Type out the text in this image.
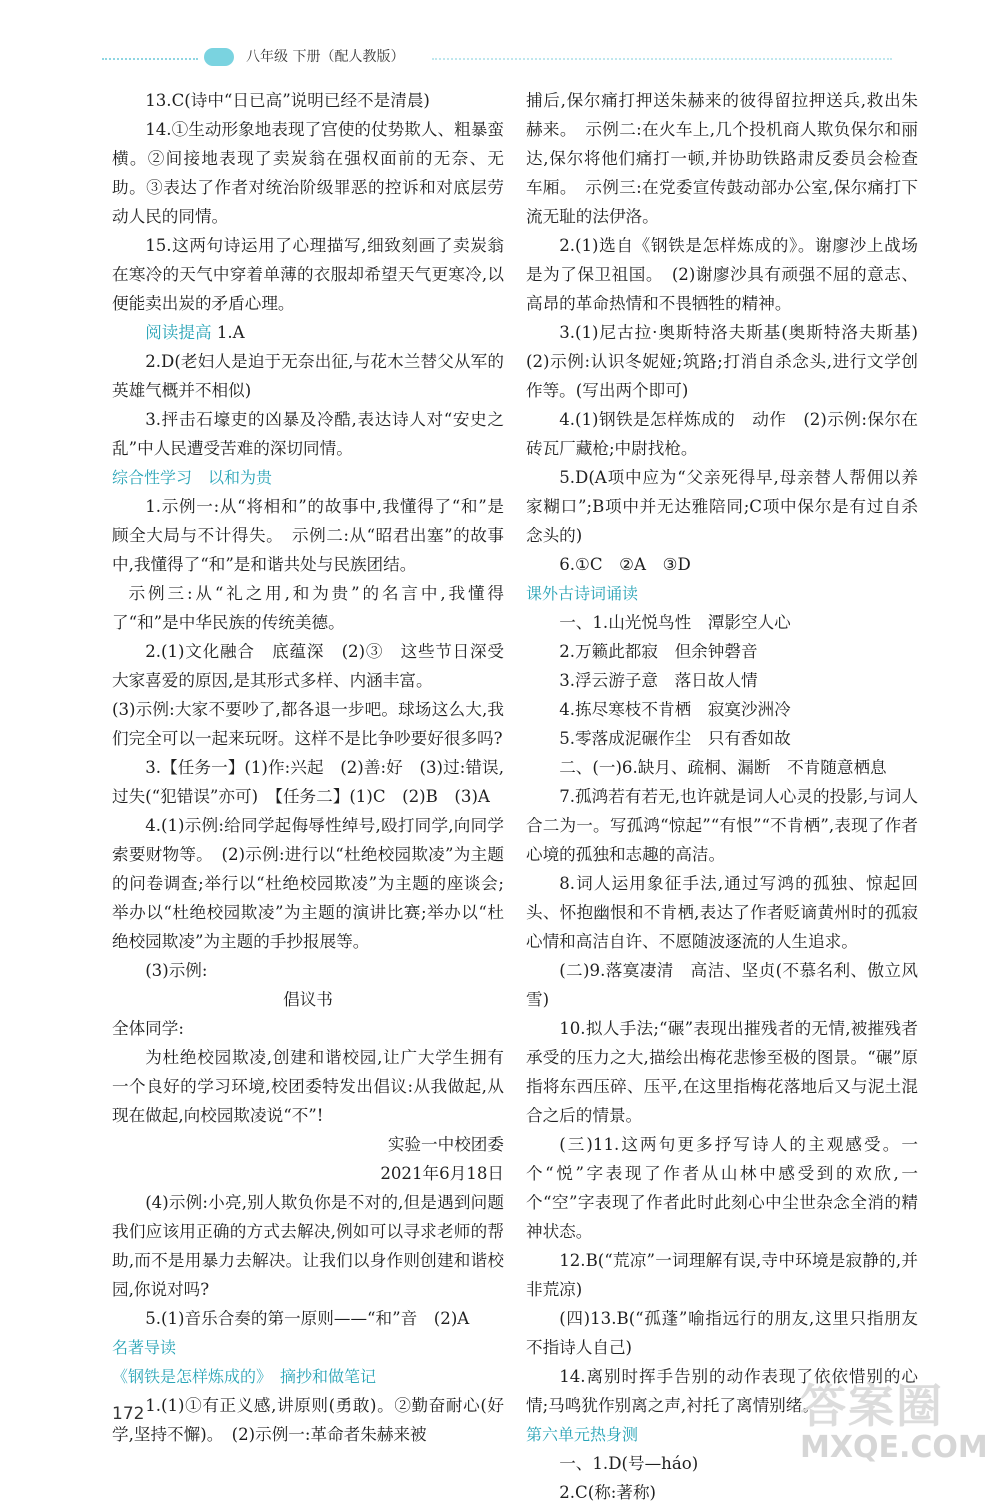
八年级 下册（配人教版）

13.C(诗中“日已高”说明已经不是清晨)

14.①生动形象地表现了宫使的仗势欺人、粗暴蛮横。②间接地表现了卖炭翁在强权面前的无奈、无助。③表达了作者对统治阶级罪恶的控诉和对底层劳动人民的同情。

15.这两句诗运用了心理描写,细致刻画了卖炭翁在寒冷的天气中穿着单薄的衣服却希望天气更寒冷,以便能卖出炭的矛盾心理。

阅读提高 1.A

2.D(老妇人是迫于无奈出征,与花木兰替父从军的英雄气概并不相似)

3.抨击石壕吏的凶暴及冷酷,表达诗人对“安史之乱”中人民遭受苦难的深切同情。

综合性学习　以和为贵

1.示例一:从“将相和”的故事中,我懂得了“和”是顾全大局与不计得失。　示例二:从“昭君出塞”的故事中,我懂得了“和”是和谐共处与民族团结。

示例三:从“礼之用,和为贵”的名言中,我懂得了“和”是中华民族的传统美德。

2.(1)文化融合　底蕴深　(2)③　这些节日深受大家喜爱的原因,是其形式多样、内涵丰富。

(3)示例:大家不要吵了,都各退一步吧。球场这么大,我们完全可以一起来玩呀。这样不是比争吵要好很多吗?

3.【任务一】(1)作:兴起　(2)善:好　(3)过:错误,过失(“犯错误”亦可)　【任务二】(1)C　(2)B　(3)A

4.(1)示例:给同学起侮辱性绰号,殴打同学,向同学索要财物等。　(2)示例:进行以“杜绝校园欺凌”为主题的问卷调查;举行以“杜绝校园欺凌”为主题的座谈会;举办以“杜绝校园欺凌”为主题的演讲比赛;举办以“杜绝校园欺凌”为主题的手抄报展等。

(3)示例:

倡议书

全体同学:

为杜绝校园欺凌,创建和谐校园,让广大学生拥有一个良好的学习环境,校团委特发出倡议:从我做起,从现在做起,向校园欺凌说“不”!

实验一中校团委

2021年6月18日

(4)示例:小亮,别人欺负你是不对的,但是遇到问题我们应该用正确的方式去解决,例如可以寻求老师的帮助,而不是用暴力去解决。让我们以身作则创建和谐校园,你说对吗?

5.(1)音乐合奏的第一原则——“和”音　(2)A

名著导读

《钢铁是怎样炼成的》　摘抄和做笔记

1.(1)①有正义感,讲原则(勇敢)。②勤奋耐心(好学,坚持不懈)。　(2)示例一:革命者朱赫来被

捕后,保尔痛打押送朱赫来的彼得留拉押送兵,救出朱赫来。　示例二:在火车上,几个投机商人欺负保尔和丽达,保尔将他们痛打一顿,并协助铁路肃反委员会检查车厢。　示例三:在党委宣传鼓动部办公室,保尔痛打下流无耻的法伊洛。

2.(1)选自《钢铁是怎样炼成的》。谢廖沙上战场是为了保卫祖国。　(2)谢廖沙具有顽强不屈的意志、高昂的革命热情和不畏牺牲的精神。

3.(1)尼古拉·奥斯特洛夫斯基(奥斯特洛夫斯基)　(2)示例:认识冬妮娅;筑路;打消自杀念头,进行文学创作等。(写出两个即可)

4.(1)钢铁是怎样炼成的　动作　(2)示例:保尔在砖瓦厂藏枪;中尉找枪。

5.D(A项中应为“父亲死得早,母亲替人帮佣以养家糊口”;B项中并无达雅陪同;C项中保尔是有过自杀念头的)

6.①C　②A　③D

课外古诗词诵读

一、1.山光悦鸟性　潭影空人心

2.万籁此都寂　但余钟磬音

3.浮云游子意　落日故人情

4.拣尽寒枝不肯栖　寂寞沙洲冷

5.零落成泥碾作尘　只有香如故

二、(一)6.缺月、疏桐、漏断　不肯随意栖息

7.孤鸿若有若无,也许就是词人心灵的投影,与词人合二为一。写孤鸿“惊起”“有恨”“不肯栖”,表现了作者心境的孤独和志趣的高洁。

8.词人运用象征手法,通过写鸿的孤独、惊起回头、怀抱幽恨和不肯栖,表达了作者贬谪黄州时的孤寂心情和高洁自许、不愿随波逐流的人生追求。

(二)9.落寞凄清　高洁、坚贞(不慕名利、傲立风雪)

10.拟人手法;“碾”表现出摧残者的无情,被摧残者承受的压力之大,描绘出梅花悲惨至极的图景。“碾”原指将东西压碎、压平,在这里指梅花落地后又与泥土混合之后的情景。

(三)11.这两句更多抒写诗人的主观感受。一个“悦”字表现了作者从山林中感受到的欢欣,一个“空”字表现了作者此时此刻心中尘世杂念全消的精神状态。

12.B(“荒凉”一词理解有误,寺中环境是寂静的,并非荒凉)

(四)13.B(“孤蓬”喻指远行的朋友,这里只指朋友不指诗人自己)

14.离别时挥手告别的动作表现了依依惜别的心情;马鸣犹作别离之声,衬托了离情别绪。

第六单元热身测

一、1.D(号—háo)

2.C(称:著称)

172	答案圈
MXQE.COM
